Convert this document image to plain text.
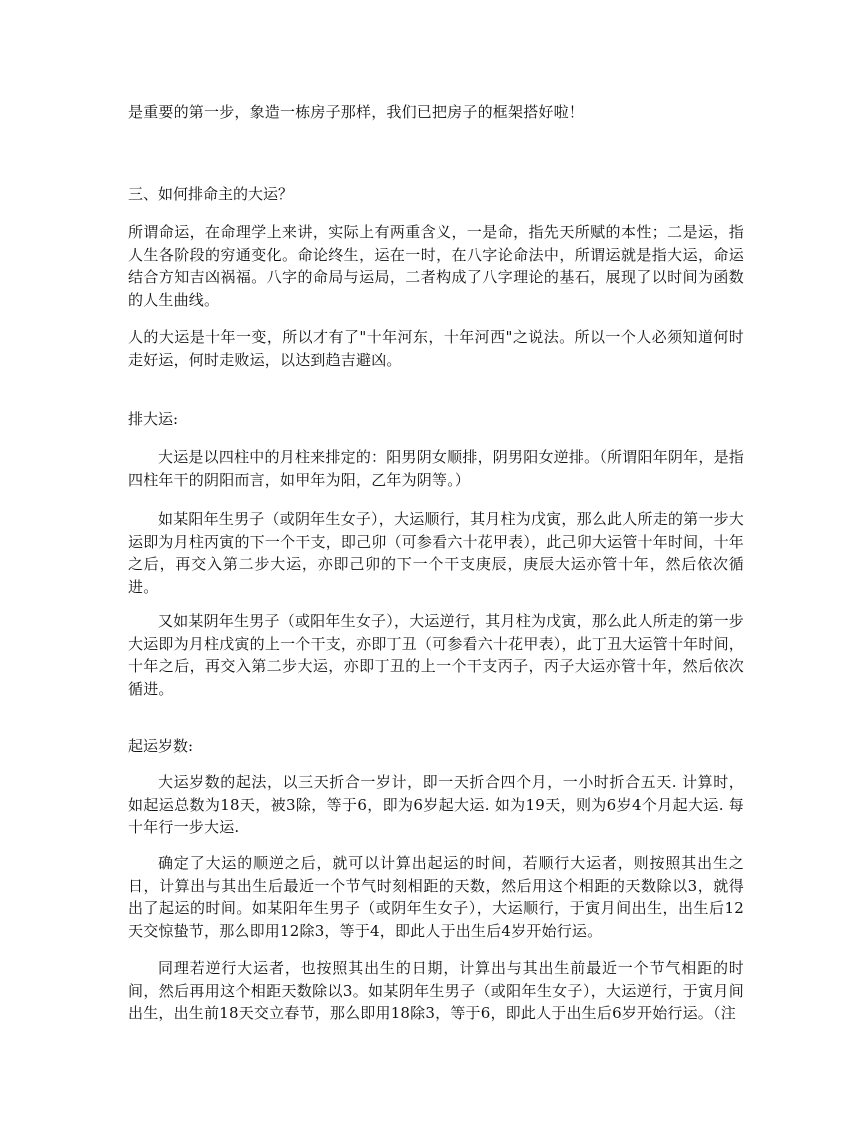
是重要的第一步，象造一栋房子那样，我们已把房子的框架搭好啦！

三、如何排命主的大运？

所谓命运，在命理学上来讲，实际上有两重含义，一是命，指先天所赋的本性；二是运，指人生各阶段的穷通变化。命论终生，运在一时，在八字论命法中，所谓运就是指大运，命运结合方知吉凶祸福。八字的命局与运局，二者构成了八字理论的基石，展现了以时间为函数的人生曲线。

人的大运是十年一变，所以才有了"十年河东，十年河西"之说法。所以一个人必须知道何时走好运，何时走败运，以达到趋吉避凶。

排大运:

大运是以四柱中的月柱来排定的：阳男阴女顺排，阴男阳女逆排。（所谓阳年阴年，是指四柱年干的阴阳而言，如甲年为阳，乙年为阴等。）

如某阳年生男子（或阴年生女子），大运顺行，其月柱为戊寅，那么此人所走的第一步大运即为月柱丙寅的下一个干支，即己卯（可参看六十花甲表），此己卯大运管十年时间，十年之后，再交入第二步大运，亦即己卯的下一个干支庚辰，庚辰大运亦管十年，然后依次循进。

又如某阴年生男子（或阳年生女子），大运逆行，其月柱为戊寅，那么此人所走的第一步大运即为月柱戊寅的上一个干支，亦即丁丑（可参看六十花甲表），此丁丑大运管十年时间，十年之后，再交入第二步大运，亦即丁丑的上一个干支丙子，丙子大运亦管十年，然后依次循进。

起运岁数:

大运岁数的起法，以三天折合一岁计，即一天折合四个月，一小时折合五天. 计算时，如起运总数为18天，被3除，等于6，即为6岁起大运. 如为19天，则为6岁4个月起大运. 每十年行一步大运.

确定了大运的顺逆之后，就可以计算出起运的时间，若顺行大运者，则按照其出生之日，计算出与其出生后最近一个节气时刻相距的天数，然后用这个相距的天数除以3，就得出了起运的时间。如某阳年生男子（或阴年生女子），大运顺行，于寅月间出生，出生后12天交惊蛰节，那么即用12除3，等于4，即此人于出生后4岁开始行运。

同理若逆行大运者，也按照其出生的日期，计算出与其出生前最近一个节气相距的时间，然后再用这个相距天数除以3。如某阴年生男子（或阳年生女子），大运逆行，于寅月间出生，出生前18天交立春节，那么即用18除3，等于6，即此人于出生后6岁开始行运。（注
